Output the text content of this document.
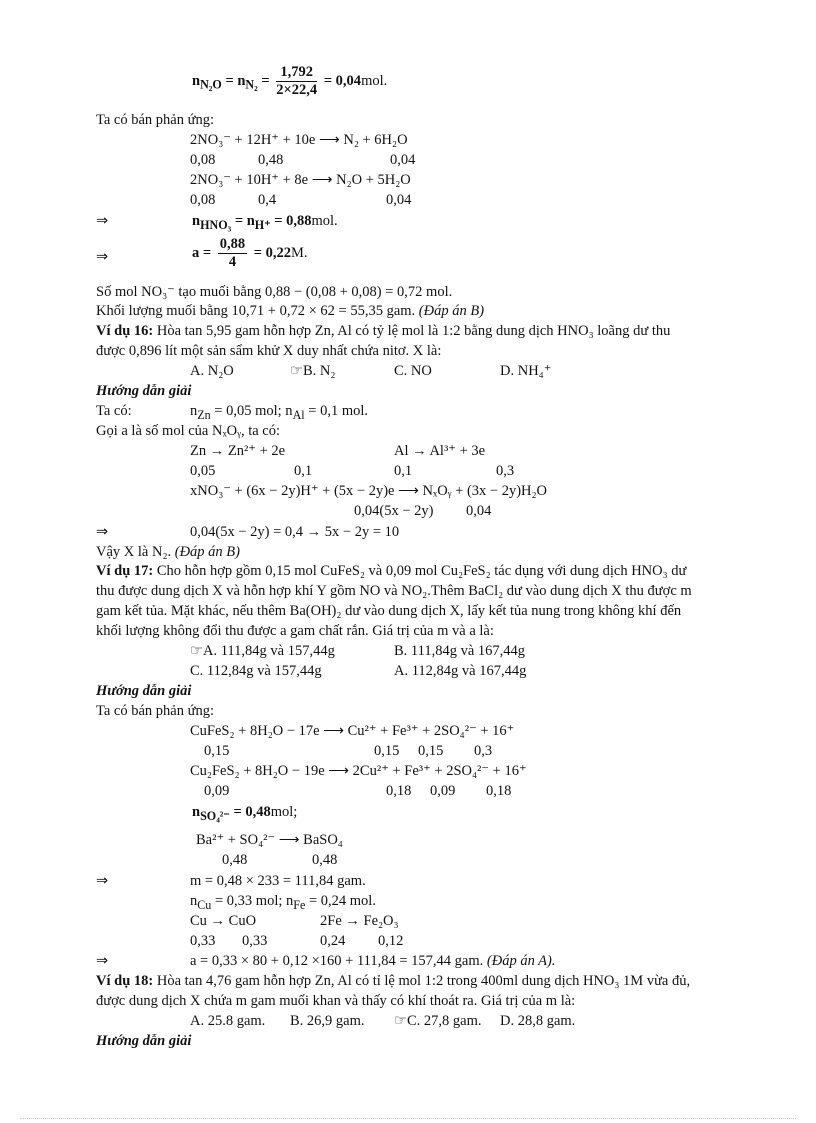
$n_{N_2O} = n_{N_2} = \frac{1,792}{2\times 22,4} = 0,04mol$.
Ta có bán phản ứng:
2NO₃⁻ + 12H⁺ + 10e ⟶ N₂ + 6H₂O
0,08	0,48	0,04
2NO₃⁻ + 10H⁺ + 8e ⟶ N₂O + 5H₂O
0,08	0,4	0,04
⇒	$n_{HNO_3} = n_{H^+} = 0,88mol$.
⇒	$a = \frac{0,88}{4} = 0,22M$.
Số mol NO₃⁻ tạo muối bằng 0,88 − (0,08 + 0,08) = 0,72 mol.
Khối lượng muối bằng 10,71 + 0,72 × 62 = 55,35 gam. (Đáp án B)
Ví dụ 16: Hòa tan 5,95 gam hỗn hợp Zn, Al có tỷ lệ mol là 1:2 bằng dung dịch HNO₃ loãng dư thu
được 0,896 lít một sản sẩm khử X duy nhất chứa nitơ. X là:
A. N₂O	☞B. N₂	C. NO	D. NH₄⁺
Hướng dẫn giải
Ta có:	$n_{Zn} = 0,05$ mol; $n_{Al} = 0,1$ mol.
Gọi a là số mol của NₓOᵧ, ta có:
Zn → Zn²⁺ + 2e	Al → Al³⁺ + 3e
0,05	0,1	0,1	0,3
xNO₃⁻ + (6x − 2y)H⁺ + (5x − 2y)e ⟶ NₓOᵧ + (3x − 2y)H₂O
0,04(5x − 2y) 0,04
⇒	0,04(5x − 2y) = 0,4 → 5x − 2y = 10
Vậy X là N₂. (Đáp án B)
Ví dụ 17: Cho hỗn hợp gồm 0,15 mol CuFeS₂ và 0,09 mol Cu₂FeS₂ tác dụng với dung dịch HNO₃ dư
thu được dung dịch X và hỗn hợp khí Y gồm NO và NO₂.Thêm BaCl₂ dư vào dung dịch X thu được m
gam kết tủa. Mặt khác, nếu thêm Ba(OH)₂ dư vào dung dịch X, lấy kết tủa nung trong không khí đến
khối lượng không đổi thu được a gam chất rắn. Giá trị của m và a là:
☞A. 111,84g và 157,44g	B. 111,84g và 167,44g
C. 112,84g và 157,44g	A. 112,84g và 167,44g
Hướng dẫn giải
Ta có bán phản ứng:
CuFeS₂ + 8H₂O − 17e ⟶ Cu²⁺ + Fe³⁺ + 2SO₄²⁻ + 16⁺
0,15	0,15 0,15 0,3
Cu₂FeS₂ + 8H₂O − 19e ⟶ 2Cu²⁺ + Fe³⁺ + 2SO₄²⁻ + 16⁺
0,09	0,18 0,09 0,18
$n_{SO_4^{2-}} = 0,48mol$;
Ba²⁺ + SO₄²⁻ ⟶ BaSO₄
0,48	0,48
⇒	m = 0,48 × 233 = 111,84 gam.
$n_{Cu} = 0,33$ mol; $n_{Fe} = 0,24$ mol.
Cu → CuO	2Fe → Fe₂O₃
0,33 0,33	0,24 0,12
⇒	a = 0,33 × 80 + 0,12 ×160 + 111,84 = 157,44 gam. (Đáp án A).
Ví dụ 18: Hòa tan 4,76 gam hỗn hợp Zn, Al có tỉ lệ mol 1:2 trong 400ml dung dịch HNO₃ 1M vừa đủ,
được dung dịch X chứa m gam muối khan và thấy có khí thoát ra. Giá trị của m là:
A. 25.8 gam. B. 26,9 gam. ☞C. 27,8 gam. D. 28,8 gam.
Hướng dẫn giải
